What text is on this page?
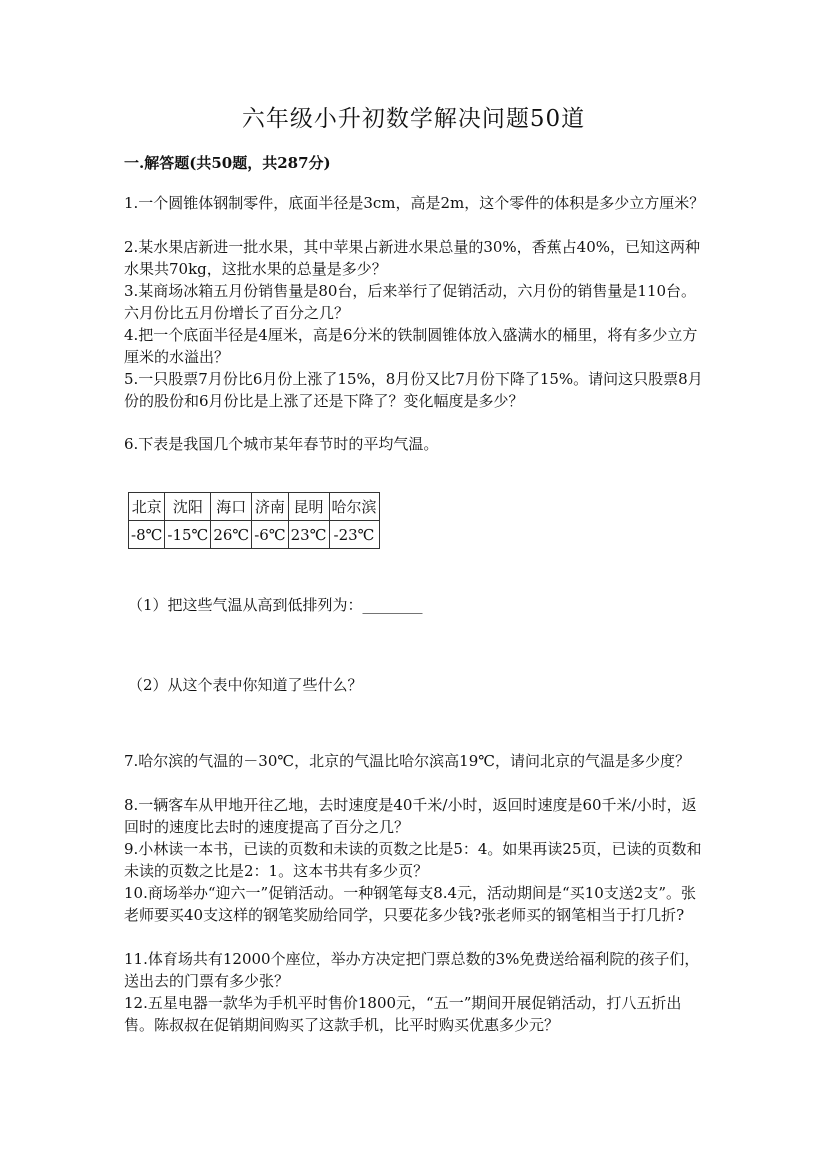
六年级小升初数学解决问题50道
一.解答题(共50题，共287分)
1.一个圆锥体钢制零件，底面半径是3cm，高是2m，这个零件的体积是多少立方厘米？
2.某水果店新进一批水果，其中苹果占新进水果总量的30%，香蕉占40%，已知这两种水果共70kg，这批水果的总量是多少？
3.某商场冰箱五月份销售量是80台，后来举行了促销活动，六月份的销售量是110台。六月份比五月份增长了百分之几？
4.把一个底面半径是4厘米，高是6分米的铁制圆锥体放入盛满水的桶里，将有多少立方厘米的水溢出？
5.一只股票7月份比6月份上涨了15%，8月份又比7月份下降了15%。请问这只股票8月份的股份和6月份比是上涨了还是下降了？变化幅度是多少？
6.下表是我国几个城市某年春节时的平均气温。
北京	沈阳	海口	济南	昆明	哈尔滨
-8℃	-15℃	26℃	-6℃	23℃	-23℃
（1）把这些气温从高到低排列为：________
（2）从这个表中你知道了些什么？
7.哈尔滨的气温的－30℃，北京的气温比哈尔滨高19℃，请问北京的气温是多少度？
8.一辆客车从甲地开往乙地，去时速度是40千米/小时，返回时速度是60千米/小时，返回时的速度比去时的速度提高了百分之几？
9.小林读一本书，已读的页数和未读的页数之比是5：4。如果再读25页，已读的页数和未读的页数之比是2：1。这本书共有多少页？
10.商场举办“迎六一”促销活动。一种钢笔每支8.4元，活动期间是“买10支送2支”。张老师要买40支这样的钢笔奖励给同学，只要花多少钱?张老师买的钢笔相当于打几折?
11.体育场共有12000个座位，举办方决定把门票总数的3%免费送给福利院的孩子们，送出去的门票有多少张？
12.五星电器一款华为手机平时售价1800元，“五一”期间开展促销活动，打八五折出售。陈叔叔在促销期间购买了这款手机，比平时购买优惠多少元？
